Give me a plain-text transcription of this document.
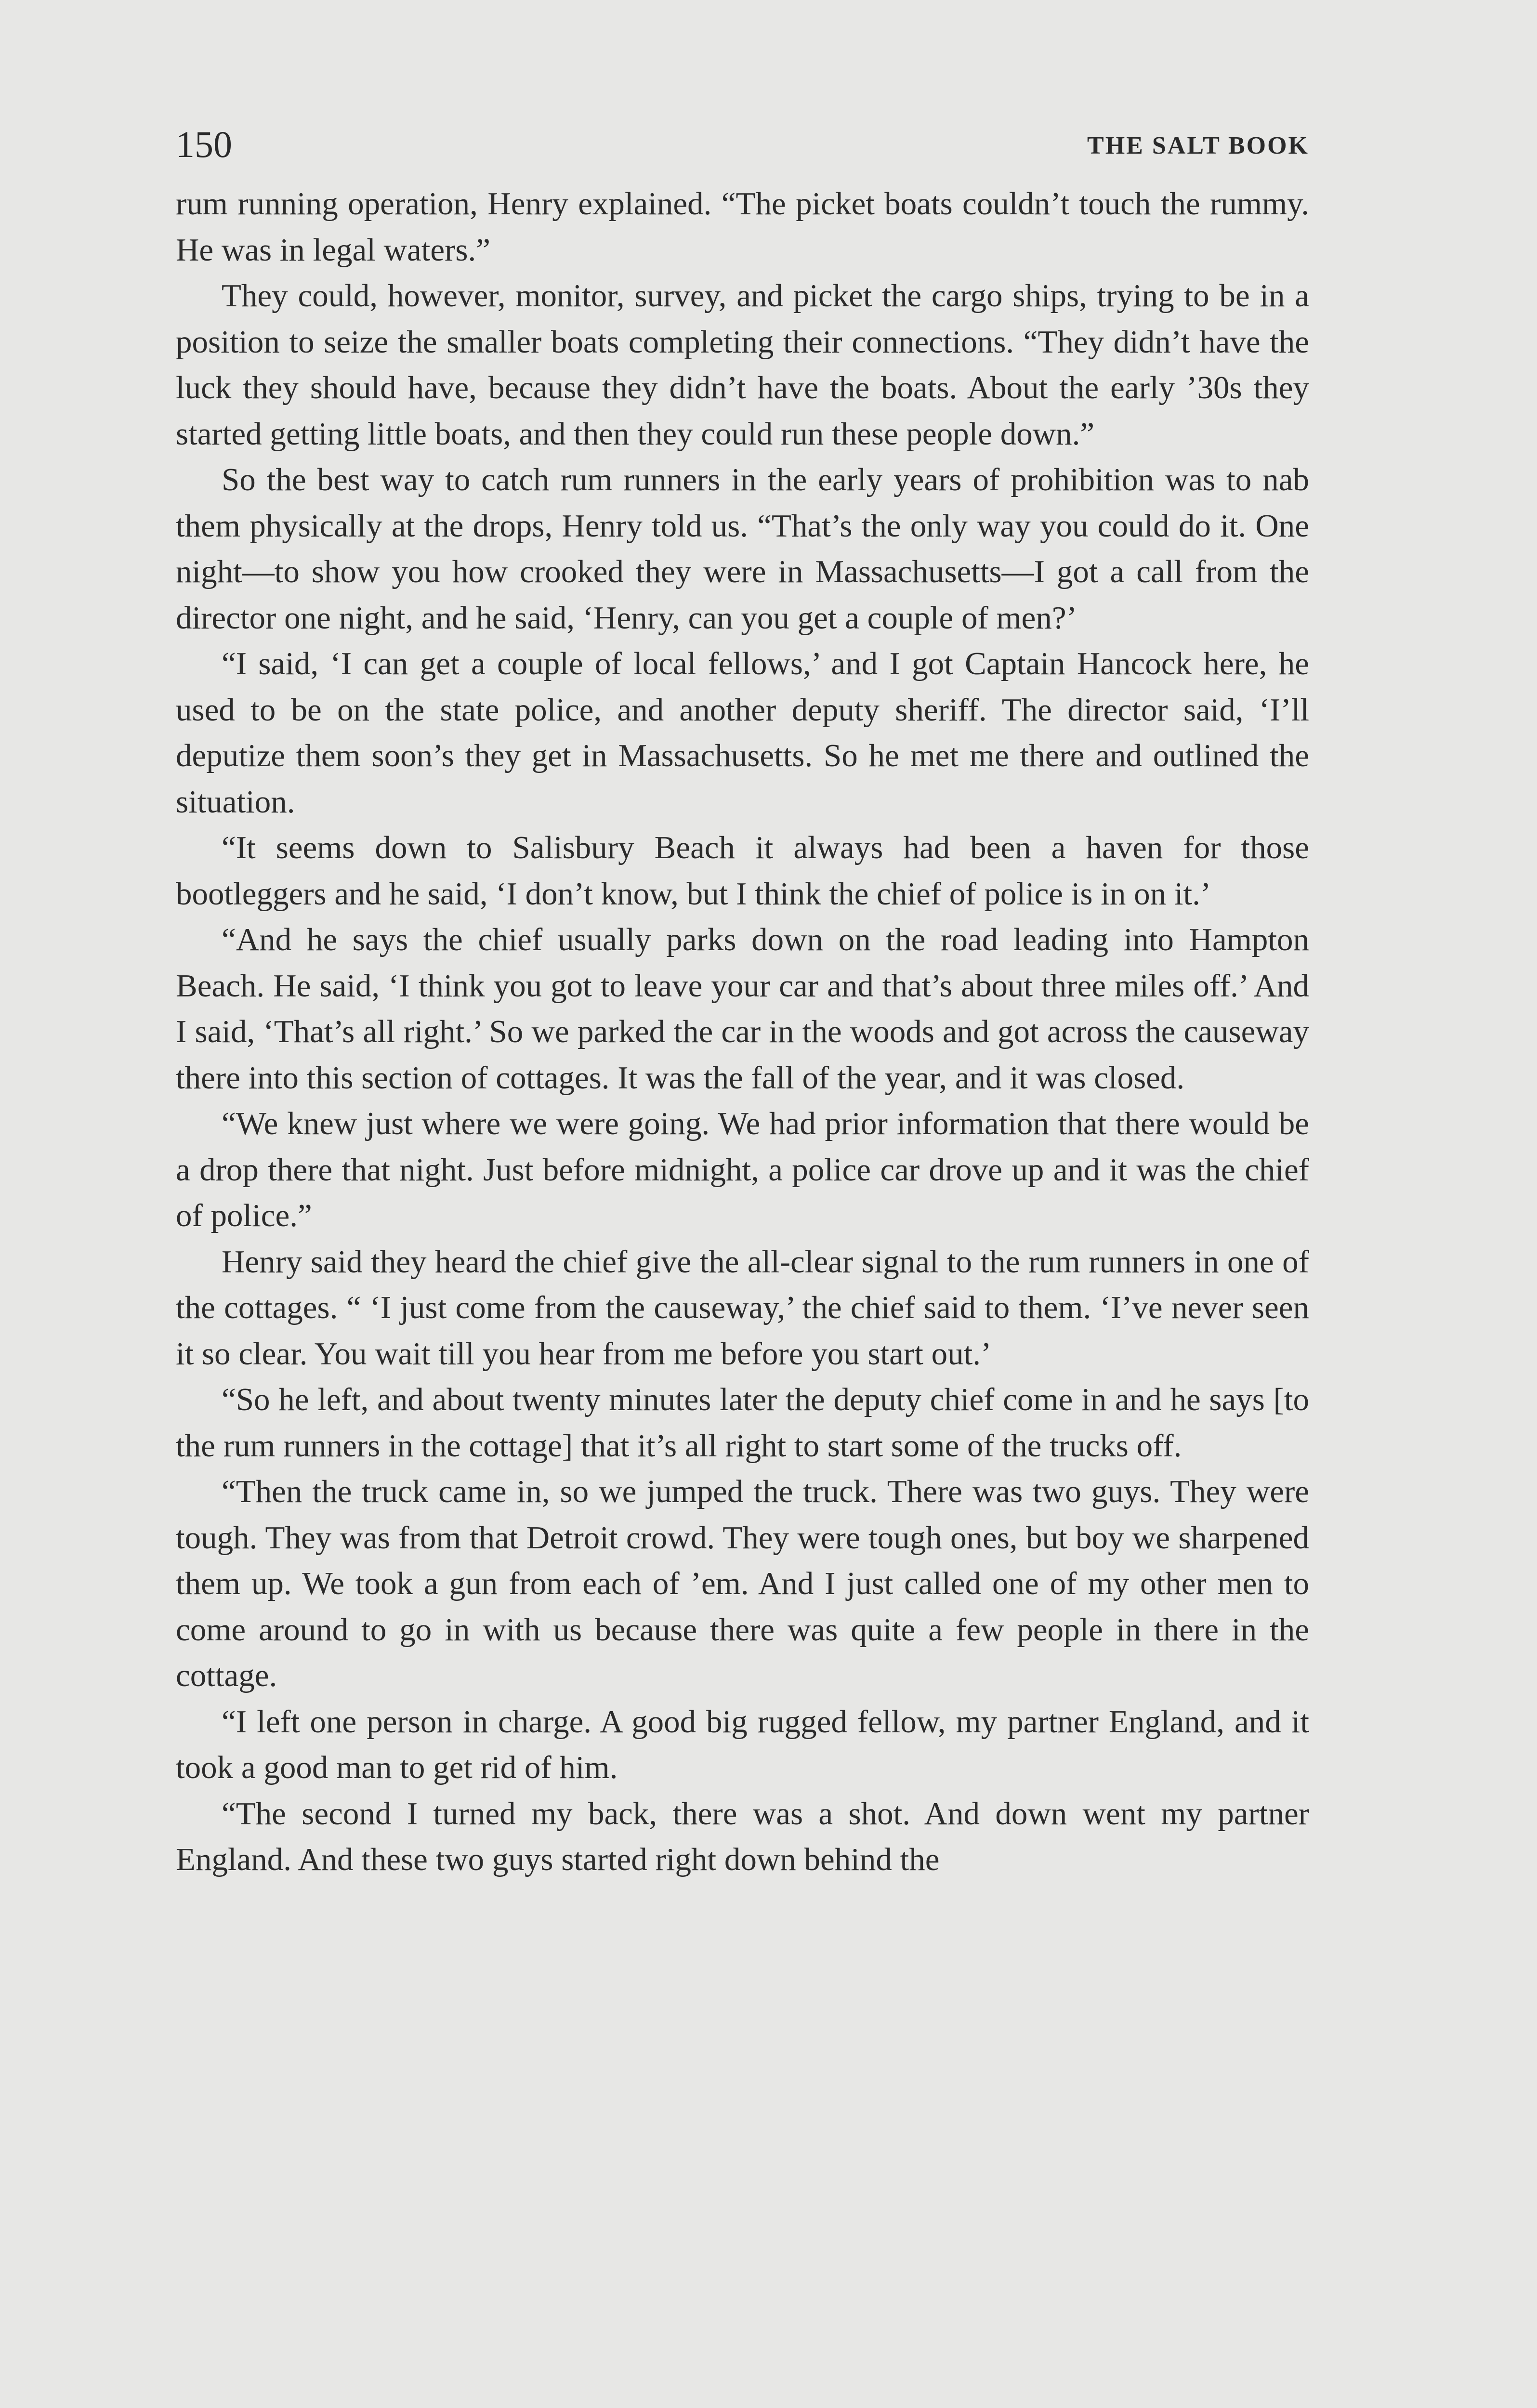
150	THE SALT BOOK

rum running operation, Henry explained. “The picket boats couldn’t touch the rummy. He was in legal waters.”

They could, however, monitor, survey, and picket the cargo ships, trying to be in a position to seize the smaller boats completing their connections. “They didn’t have the luck they should have, because they didn’t have the boats. About the early ’30s they started getting little boats, and then they could run these people down.”

So the best way to catch rum runners in the early years of prohibition was to nab them physically at the drops, Henry told us. “That’s the only way you could do it. One night—to show you how crooked they were in Massachusetts—I got a call from the director one night, and he said, ‘Henry, can you get a couple of men?’

“I said, ‘I can get a couple of local fellows,’ and I got Captain Hancock here, he used to be on the state police, and another deputy sheriff. The director said, ‘I’ll deputize them soon’s they get in Massachusetts. So he met me there and outlined the situation.

“It seems down to Salisbury Beach it always had been a haven for those bootleggers and he said, ‘I don’t know, but I think the chief of police is in on it.’

“And he says the chief usually parks down on the road leading into Hampton Beach. He said, ‘I think you got to leave your car and that’s about three miles off.’ And I said, ‘That’s all right.’ So we parked the car in the woods and got across the causeway there into this section of cottages. It was the fall of the year, and it was closed.

“We knew just where we were going. We had prior information that there would be a drop there that night. Just before midnight, a police car drove up and it was the chief of police.”

Henry said they heard the chief give the all-clear signal to the rum runners in one of the cottages. “ ‘I just come from the causeway,’ the chief said to them. ‘I’ve never seen it so clear. You wait till you hear from me before you start out.’

“So he left, and about twenty minutes later the deputy chief come in and he says [to the rum runners in the cottage] that it’s all right to start some of the trucks off.

“Then the truck came in, so we jumped the truck. There was two guys. They were tough. They was from that Detroit crowd. They were tough ones, but boy we sharpened them up. We took a gun from each of ’em. And I just called one of my other men to come around to go in with us because there was quite a few people in there in the cottage.

“I left one person in charge. A good big rugged fellow, my partner England, and it took a good man to get rid of him.

“The second I turned my back, there was a shot. And down went my partner England. And these two guys started right down behind the
